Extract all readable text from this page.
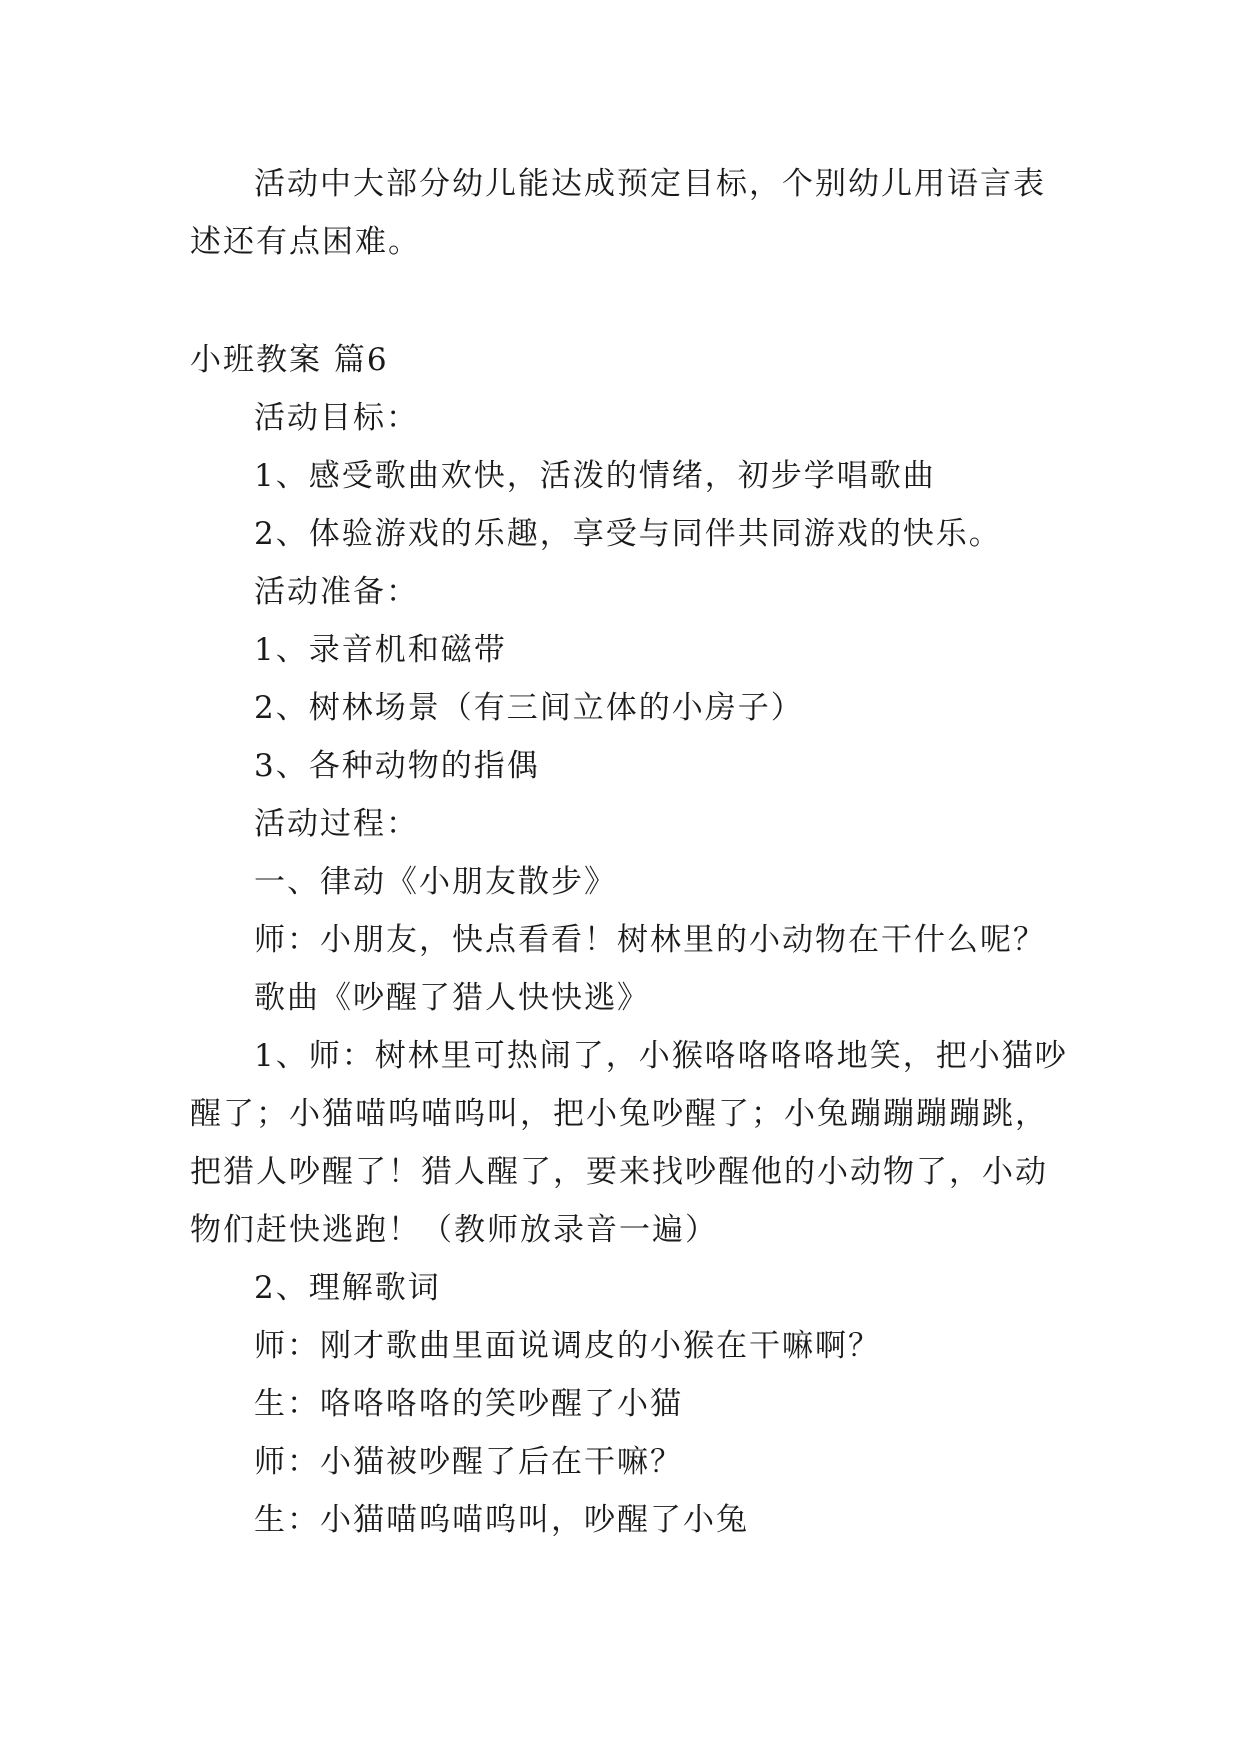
活动中大部分幼儿能达成预定目标，个别幼儿用语言表述还有点困难。

小班教案 篇6

活动目标：

1、感受歌曲欢快，活泼的情绪，初步学唱歌曲

2、体验游戏的乐趣，享受与同伴共同游戏的快乐。

活动准备：

1、录音机和磁带

2、树林场景（有三间立体的小房子）

3、各种动物的指偶

活动过程：

一、律动《小朋友散步》

师：小朋友，快点看看！树林里的小动物在干什么呢？

歌曲《吵醒了猎人快快逃》

1、师：树林里可热闹了，小猴咯咯咯咯地笑，把小猫吵醒了；小猫喵呜喵呜叫，把小兔吵醒了；小兔蹦蹦蹦蹦跳，把猎人吵醒了！猎人醒了，要来找吵醒他的小动物了，小动物们赶快逃跑！（教师放录音一遍）

2、理解歌词

师：刚才歌曲里面说调皮的小猴在干嘛啊？

生：咯咯咯咯的笑吵醒了小猫

师：小猫被吵醒了后在干嘛？

生：小猫喵呜喵呜叫，吵醒了小兔
